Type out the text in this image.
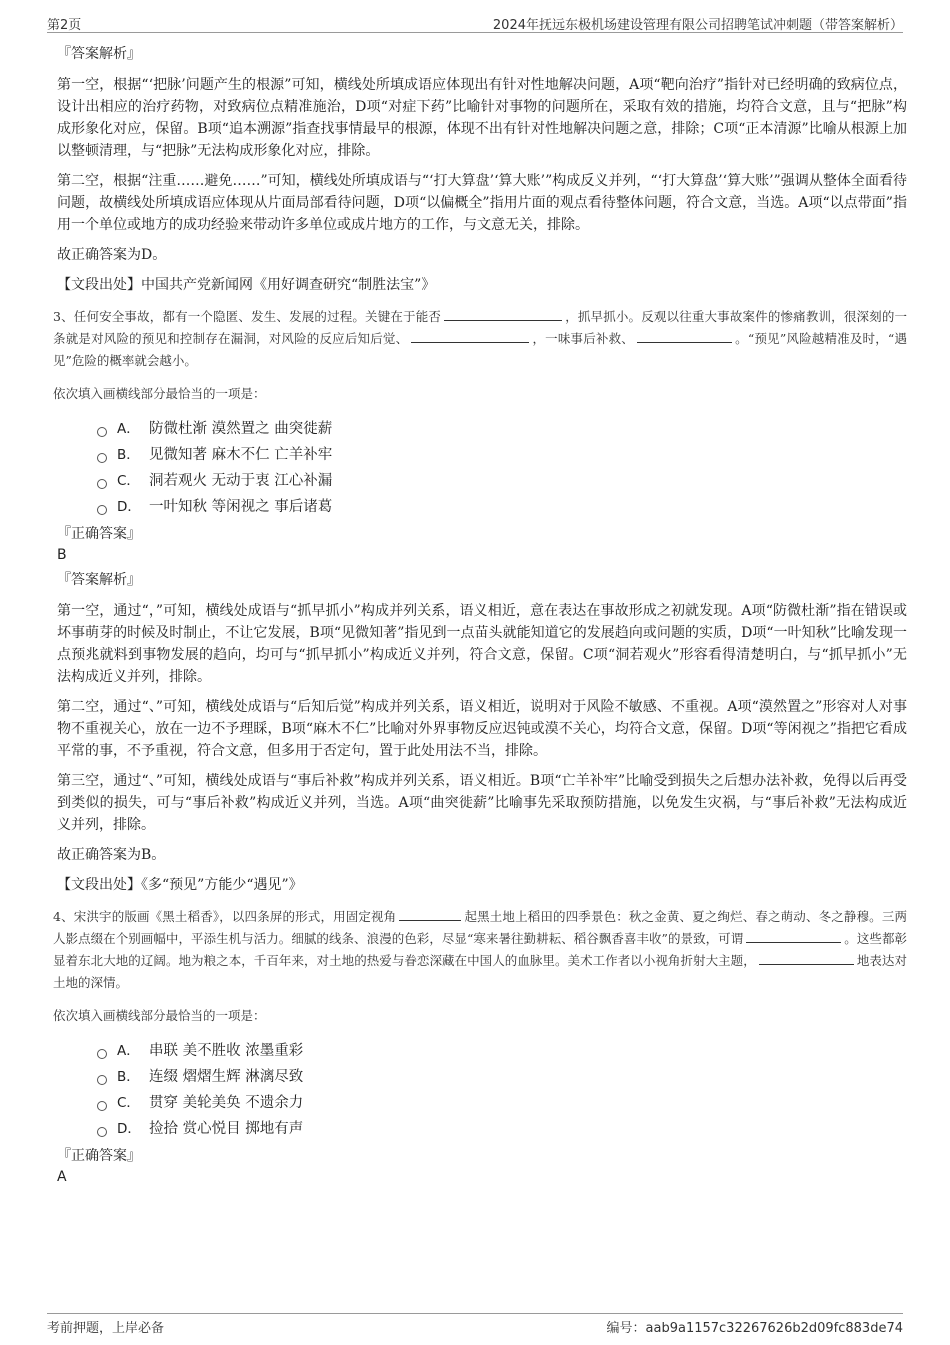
第2页	2024年抚远东极机场建设管理有限公司招聘笔试冲刺题（带答案解析）
『答案解析』

第一空，根据“‘把脉’问题产生的根源”可知，横线处所填成语应体现出有针对性地解决问题，A项“靶向治疗”指针对已经明确的致病位点，设计出相应的治疗药物，对致病位点精准施治，D项“对症下药”比喻针对事物的问题所在，采取有效的措施，均符合文意，且与“把脉”构成形象化对应，保留。B项“追本溯源”指查找事情最早的根源，体现不出有针对性地解决问题之意，排除；C项“正本清源”比喻从根源上加以整顿清理，与“把脉”无法构成形象化对应，排除。

第二空，根据“注重……避免……”可知，横线处所填成语与“‘打大算盘’‘算大账’”构成反义并列，“‘打大算盘’‘算大账’”强调从整体全面看待问题，故横线处所填成语应体现从片面局部看待问题，D项“以偏概全”指用片面的观点看待整体问题，符合文意，当选。A项“以点带面”指用一个单位或地方的成功经验来带动许多单位或成片地方的工作，与文意无关，排除。

故正确答案为D。

【文段出处】中国共产党新闻网《用好调查研究“制胜法宝”》

3、任何安全事故，都有一个隐匿、发生、发展的过程。关键在于能否	，抓早抓小。反观以往重大事故案件的惨痛教训，很深刻的一条就是对风险的预见和控制存在漏洞，对风险的反应后知后觉、	，一味事后补救、	。“预见”风险越精准及时，“遇见”危险的概率就会越小。

依次填入画横线部分最恰当的一项是：

A． 防微杜渐 漠然置之 曲突徙薪
B． 见微知著 麻木不仁 亡羊补牢
C． 洞若观火 无动于衷 江心补漏
D． 一叶知秋 等闲视之 事后诸葛
『正确答案』
B
『答案解析』

第一空，通过“，”可知，横线处成语与“抓早抓小”构成并列关系，语义相近，意在表达在事故形成之初就发现。A项“防微杜渐”指在错误或坏事萌芽的时候及时制止，不让它发展，B项“见微知著”指见到一点苗头就能知道它的发展趋向或问题的实质，D项“一叶知秋”比喻发现一点预兆就料到事物发展的趋向，均可与“抓早抓小”构成近义并列，符合文意，保留。C项“洞若观火”形容看得清楚明白，与“抓早抓小”无法构成近义并列，排除。

第二空，通过“、”可知，横线处成语与“后知后觉”构成并列关系，语义相近，说明对于风险不敏感、不重视。A项“漠然置之”形容对人对事物不重视关心，放在一边不予理睬，B项“麻木不仁”比喻对外界事物反应迟钝或漠不关心，均符合文意，保留。D项“等闲视之”指把它看成平常的事，不予重视，符合文意，但多用于否定句，置于此处用法不当，排除。

第三空，通过“、”可知，横线处成语与“事后补救”构成并列关系，语义相近。B项“亡羊补牢”比喻受到损失之后想办法补救，免得以后再受到类似的损失，可与“事后补救”构成近义并列，当选。A项“曲突徙薪”比喻事先采取预防措施，以免发生灾祸，与“事后补救”无法构成近义并列，排除。

故正确答案为B。

【文段出处】《多“预见”方能少“遇见”》

4、宋洪宇的版画《黑土稻香》，以四条屏的形式，用固定视角	起黑土地上稻田的四季景色：秋之金黄、夏之绚烂、春之萌动、冬之静穆。三两人影点缀在个别画幅中，平添生机与活力。细腻的线条、浪漫的色彩，尽显“寒来暑往勤耕耘、稻谷飘香喜丰收”的景致，可谓	。这些都彰显着东北大地的辽阔。地为粮之本，千百年来，对土地的热爱与眷恋深藏在中国人的血脉里。美术工作者以小视角折射大主题，	地表达对土地的深情。

依次填入画横线部分最恰当的一项是：

A． 串联 美不胜收 浓墨重彩
B． 连缀 熠熠生辉 淋漓尽致
C． 贯穿 美轮美奂 不遗余力
D． 捡拾 赏心悦目 掷地有声
『正确答案』
A
考前押题，上岸必备	编号：aab9a1157c32267626b2d09fc883de74
